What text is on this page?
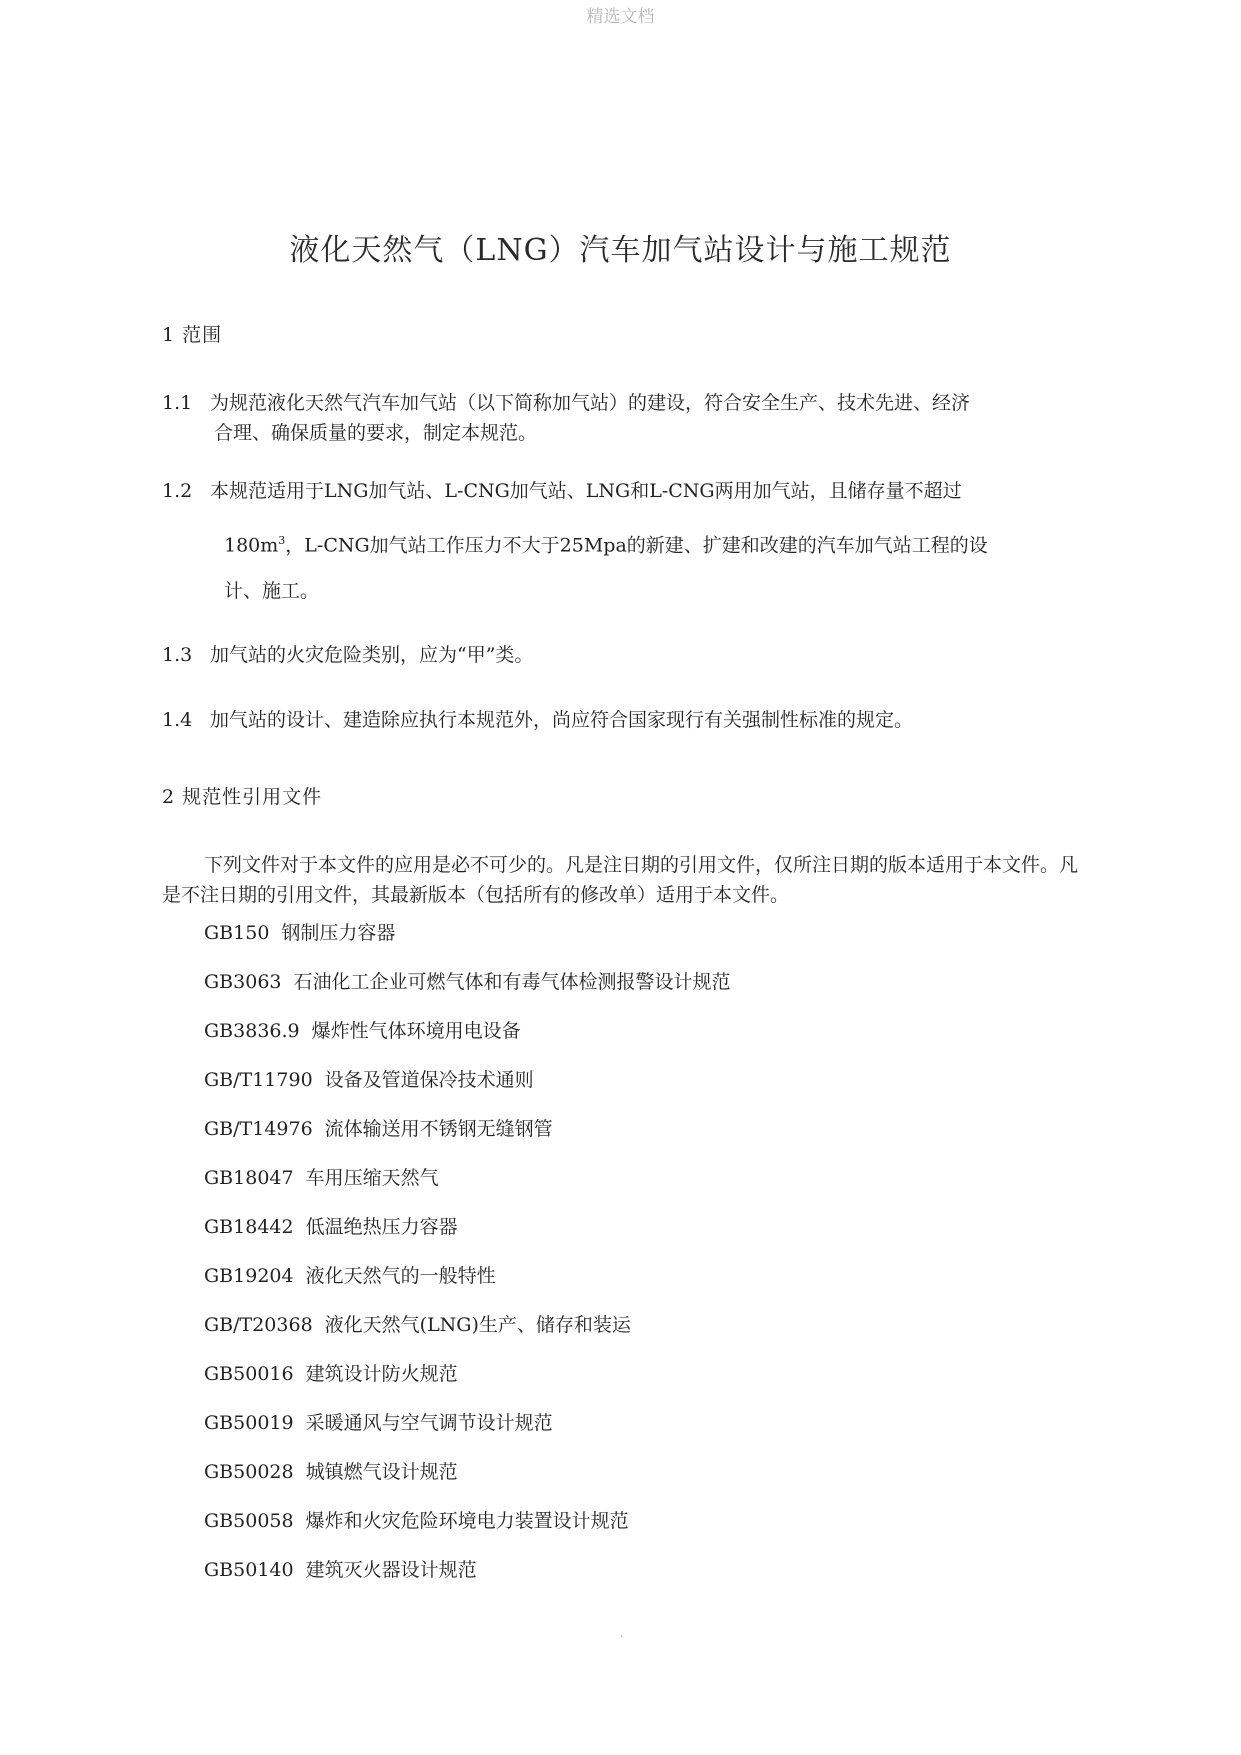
精选文档
液化天然气（LNG）汽车加气站设计与施工规范
1 范围
1.1 为规范液化天然气汽车加气站（以下简称加气站）的建设，符合安全生产、技术先进、经济
合理、确保质量的要求，制定本规范。
1.2 本规范适用于LNG加气站、L-CNG加气站、LNG和L-CNG两用加气站，且储存量不超过
$180m^3$，L-CNG加气站工作压力不大于25Mpa的新建、扩建和改建的汽车加气站工程的设
计、施工。
1.3 加气站的火灾危险类别，应为“甲”类。
1.4 加气站的设计、建造除应执行本规范外，尚应符合国家现行有关强制性标准的规定。
2 规范性引用文件
下列文件对于本文件的应用是必不可少的。凡是注日期的引用文件，仅所注日期的版本适用于本文件。凡是不注日期的引用文件，其最新版本（包括所有的修改单）适用于本文件。
GB150 钢制压力容器
GB3063 石油化工企业可燃气体和有毒气体检测报警设计规范
GB3836.9 爆炸性气体环境用电设备
GB/T11790 设备及管道保冷技术通则
GB/T14976 流体输送用不锈钢无缝钢管
GB18047 车用压缩天然气
GB18442 低温绝热压力容器
GB19204 液化天然气的一般特性
GB/T20368 液化天然气(LNG)生产、储存和装运
GB50016 建筑设计防火规范
GB50019 采暖通风与空气调节设计规范
GB50028 城镇燃气设计规范
GB50058 爆炸和火灾危险环境电力装置设计规范
GB50140 建筑灭火器设计规范
·
